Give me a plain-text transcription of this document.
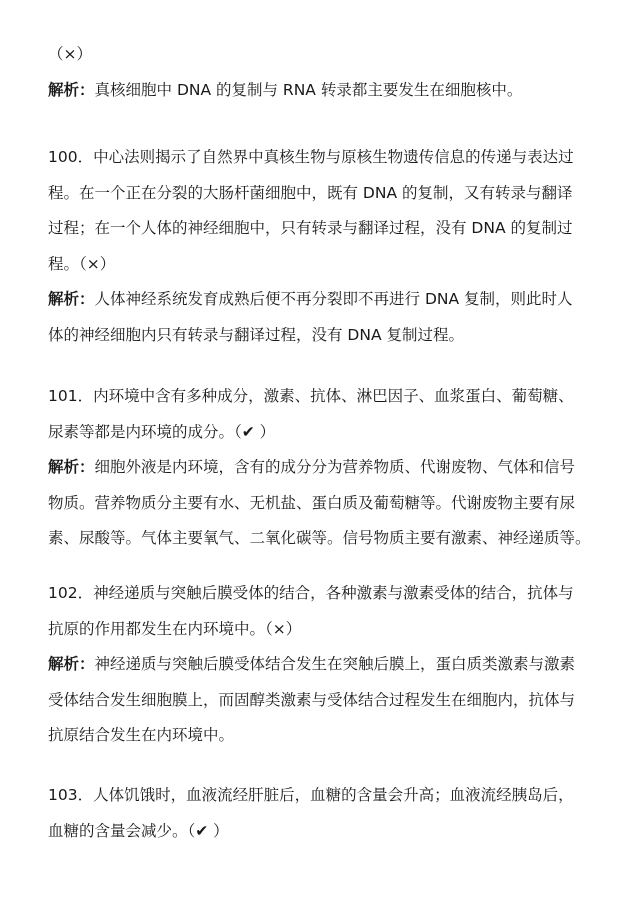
（×）
解析：真核细胞中 DNA 的复制与 RNA 转录都主要发生在细胞核中。
100．中心法则揭示了自然界中真核生物与原核生物遗传信息的传递与表达过
程。在一个正在分裂的大肠杆菌细胞中，既有 DNA 的复制，又有转录与翻译
过程；在一个人体的神经细胞中，只有转录与翻译过程，没有 DNA 的复制过
程。（×）
解析：人体神经系统发育成熟后便不再分裂即不再进行 DNA 复制，则此时人
体的神经细胞内只有转录与翻译过程，没有 DNA 复制过程。
101．内环境中含有多种成分，激素、抗体、淋巴因子、血浆蛋白、葡萄糖、
尿素等都是内环境的成分。（✔ ）
解析：细胞外液是内环境，含有的成分分为营养物质、代谢废物、气体和信号
物质。营养物质分主要有水、无机盐、蛋白质及葡萄糖等。代谢废物主要有尿
素、尿酸等。气体主要氧气、二氧化碳等。信号物质主要有激素、神经递质等。
102．神经递质与突触后膜受体的结合，各种激素与激素受体的结合，抗体与
抗原的作用都发生在内环境中。（×）
解析：神经递质与突触后膜受体结合发生在突触后膜上，蛋白质类激素与激素
受体结合发生细胞膜上，而固醇类激素与受体结合过程发生在细胞内，抗体与
抗原结合发生在内环境中。
103．人体饥饿时，血液流经肝脏后，血糖的含量会升高；血液流经胰岛后，
血糖的含量会减少。（✔ ）
